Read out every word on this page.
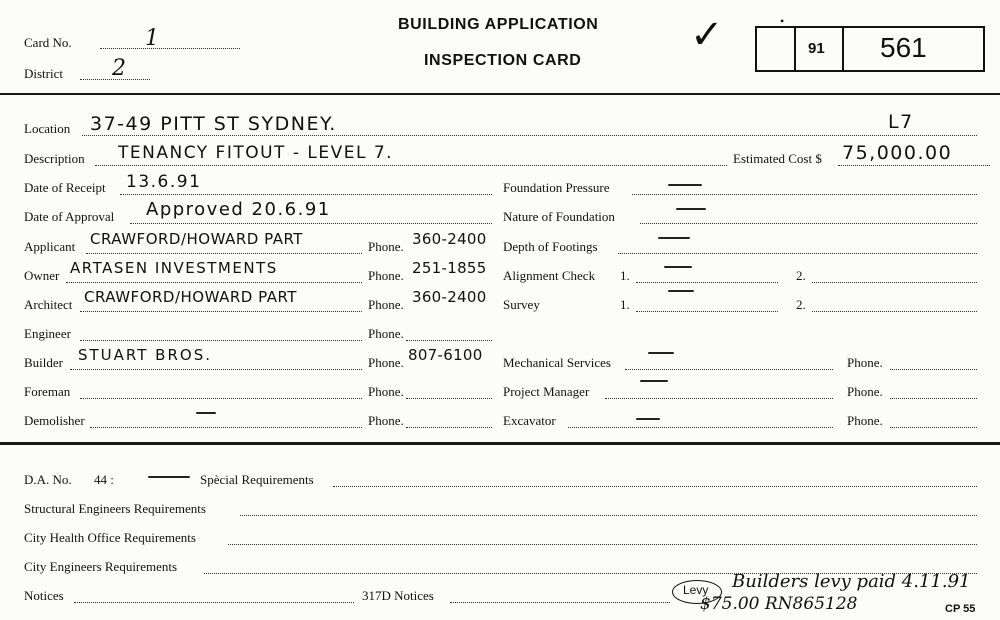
Card No.	1
District 2
BUILDING APPLICATION
INSPECTION CARD
✓	•
91 561
Location 37-49 PITT ST SYDNEY.	L7
Description TENANCY FITOUT - LEVEL 7.	Estimated Cost $ 75,000.00
Date of Receipt 13.6.91	Foundation Pressure
Date of Approval Approved 20.6.91	Nature of Foundation
Applicant CRAWFORD/HOWARD PART	Phone. 360-2400 Depth of Footings
Owner ARTASEN INVESTMENTS	Phone. 251-1855 Alignment Check 1.	2.
Architect CRAWFORD/HOWARD PART	Phone. 360-2400 Survey	1.	2.
Engineer	Phone.
Builder STUART BROS.	Phone. 807-6100 Mechanical Services	Phone.
Foreman	Phone.	Project Manager	Phone.
Demolisher	Phone.	Excavator	Phone.
D.A. No. 44 :	Spècial Requirements
Structural Engineers Requirements
City Health Office Requirements
City Engineers Requirements
Notices	317D Notices	Levy Builders levy paid 4.11.91
$75.00 RN865128	CP 55
